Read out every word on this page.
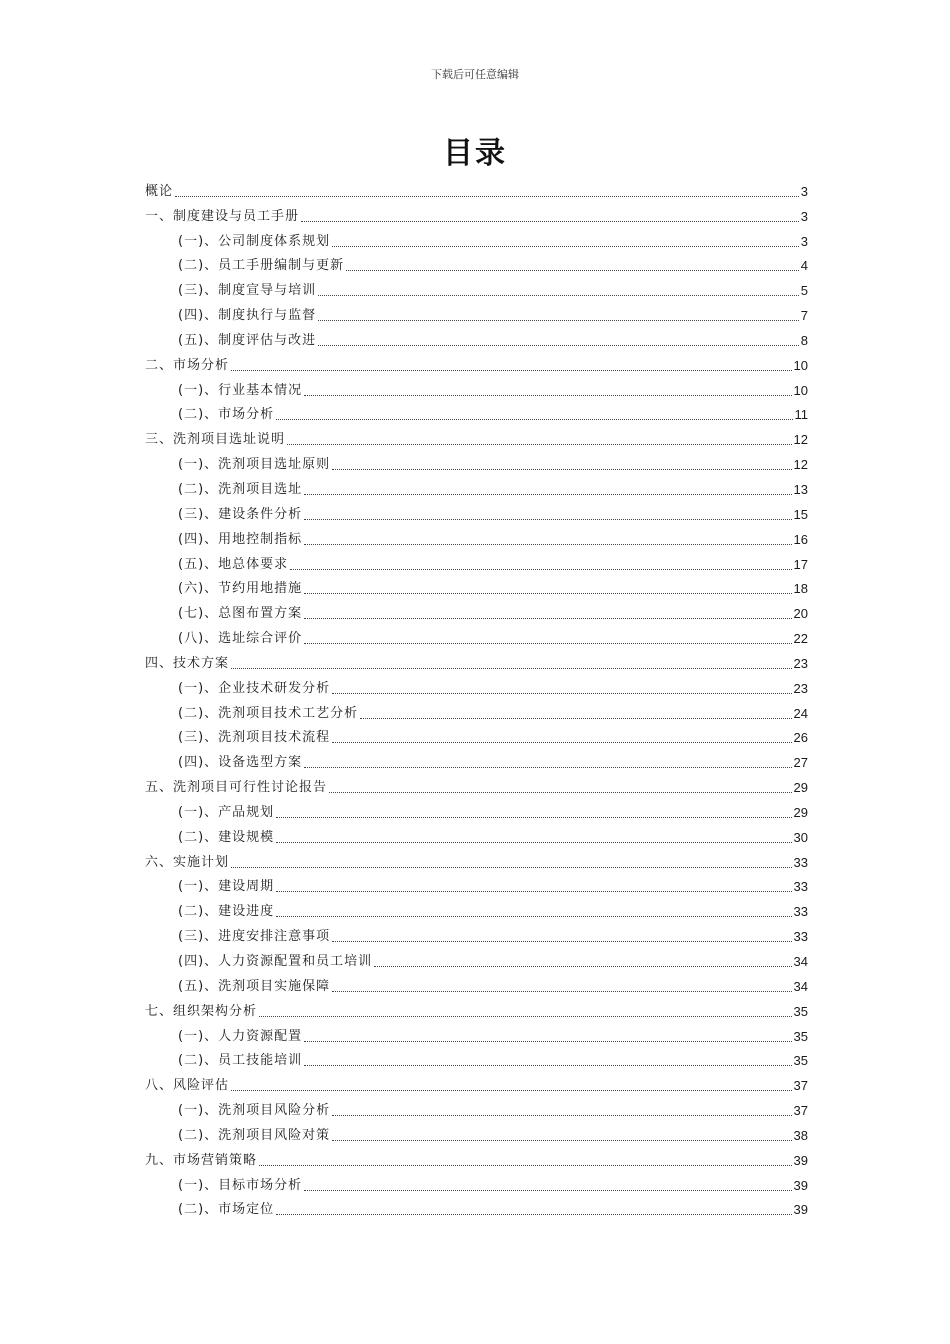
下载后可任意编辑
目录
概论	3
一、制度建设与员工手册	3
(一)、公司制度体系规划	3
(二)、员工手册编制与更新	4
(三)、制度宣导与培训	5
(四)、制度执行与监督	7
(五)、制度评估与改进	8
二、市场分析	10
(一)、行业基本情况	10
(二)、市场分析	11
三、洗剂项目选址说明	12
(一)、洗剂项目选址原则	12
(二)、洗剂项目选址	13
(三)、建设条件分析	15
(四)、用地控制指标	16
(五)、地总体要求	17
(六)、节约用地措施	18
(七)、总图布置方案	20
(八)、选址综合评价	22
四、技术方案	23
(一)、企业技术研发分析	23
(二)、洗剂项目技术工艺分析	24
(三)、洗剂项目技术流程	26
(四)、设备选型方案	27
五、洗剂项目可行性讨论报告	29
(一)、产品规划	29
(二)、建设规模	30
六、实施计划	33
(一)、建设周期	33
(二)、建设进度	33
(三)、进度安排注意事项	33
(四)、人力资源配置和员工培训	34
(五)、洗剂项目实施保障	34
七、组织架构分析	35
(一)、人力资源配置	35
(二)、员工技能培训	35
八、风险评估	37
(一)、洗剂项目风险分析	37
(二)、洗剂项目风险对策	38
九、市场营销策略	39
(一)、目标市场分析	39
(二)、市场定位	39
